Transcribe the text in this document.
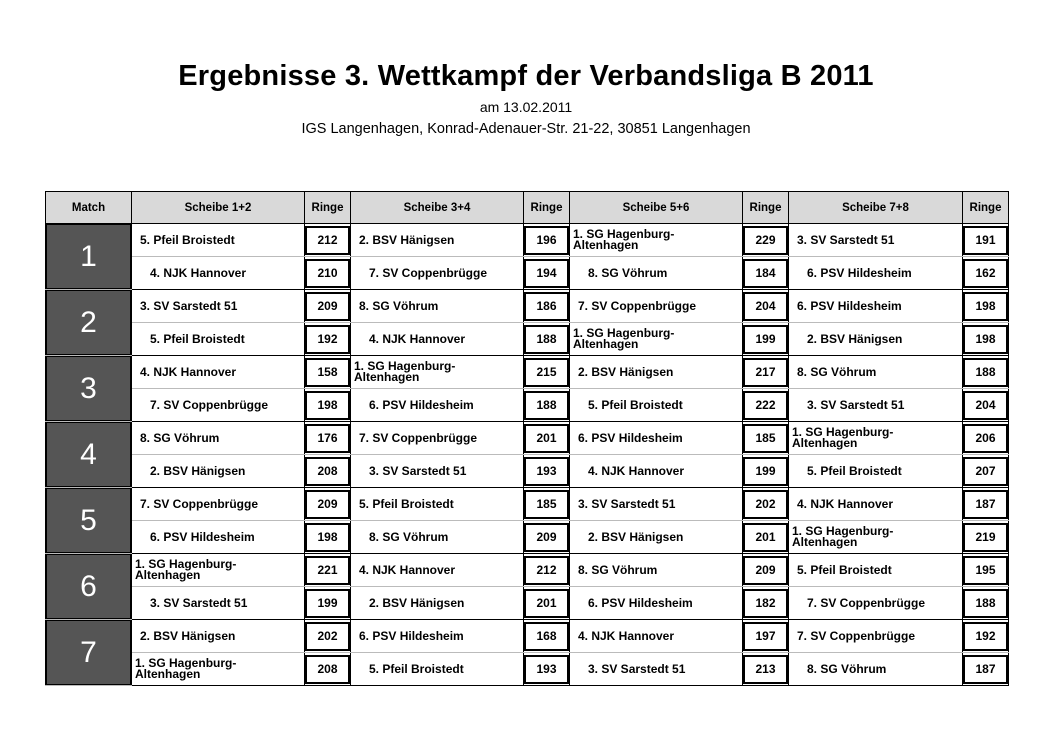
Ergebnisse 3. Wettkampf der Verbandsliga B 2011
am 13.02.2011
IGS Langenhagen, Konrad-Adenauer-Str. 21-22, 30851 Langenhagen
Match	Scheibe 1+2	Ringe	Scheibe 3+4	Ringe	Scheibe 5+6	Ringe	Scheibe 7+8	Ringe
1	5. Pfeil Broistedt	212	2. BSV Hänigsen	196	1. SG Hagenburg-Altenhagen	229	3. SV Sarstedt 51	191

	4. NJK Hannover	210	7. SV Coppenbrügge	194	8. SG Vöhrum	184	6. PSV Hildesheim	162

2	3. SV Sarstedt 51	209	8. SG Vöhrum	186	7. SV Coppenbrügge	204	6. PSV Hildesheim	198

	5. Pfeil Broistedt	192	4. NJK Hannover	188	1. SG Hagenburg-Altenhagen	199	2. BSV Hänigsen	198

3	4. NJK Hannover	158	1. SG Hagenburg-Altenhagen	215	2. BSV Hänigsen	217	8. SG Vöhrum	188

	7. SV Coppenbrügge	198	6. PSV Hildesheim	188	5. Pfeil Broistedt	222	3. SV Sarstedt 51	204

4	8. SG Vöhrum	176	7. SV Coppenbrügge	201	6. PSV Hildesheim	185	1. SG Hagenburg-Altenhagen	206

	2. BSV Hänigsen	208	3. SV Sarstedt 51	193	4. NJK Hannover	199	5. Pfeil Broistedt	207

5	7. SV Coppenbrügge	209	5. Pfeil Broistedt	185	3. SV Sarstedt 51	202	4. NJK Hannover	187

	6. PSV Hildesheim	198	8. SG Vöhrum	209	2. BSV Hänigsen	201	1. SG Hagenburg-Altenhagen	219

6	1. SG Hagenburg-Altenhagen	221	4. NJK Hannover	212	8. SG Vöhrum	209	5. Pfeil Broistedt	195

	3. SV Sarstedt 51	199	2. BSV Hänigsen	201	6. PSV Hildesheim	182	7. SV Coppenbrügge	188

7	2. BSV Hänigsen	202	6. PSV Hildesheim	168	4. NJK Hannover	197	7. SV Coppenbrügge	192

	1. SG Hagenburg-Altenhagen	208	5. Pfeil Broistedt	193	3. SV Sarstedt 51	213	8. SG Vöhrum	187
